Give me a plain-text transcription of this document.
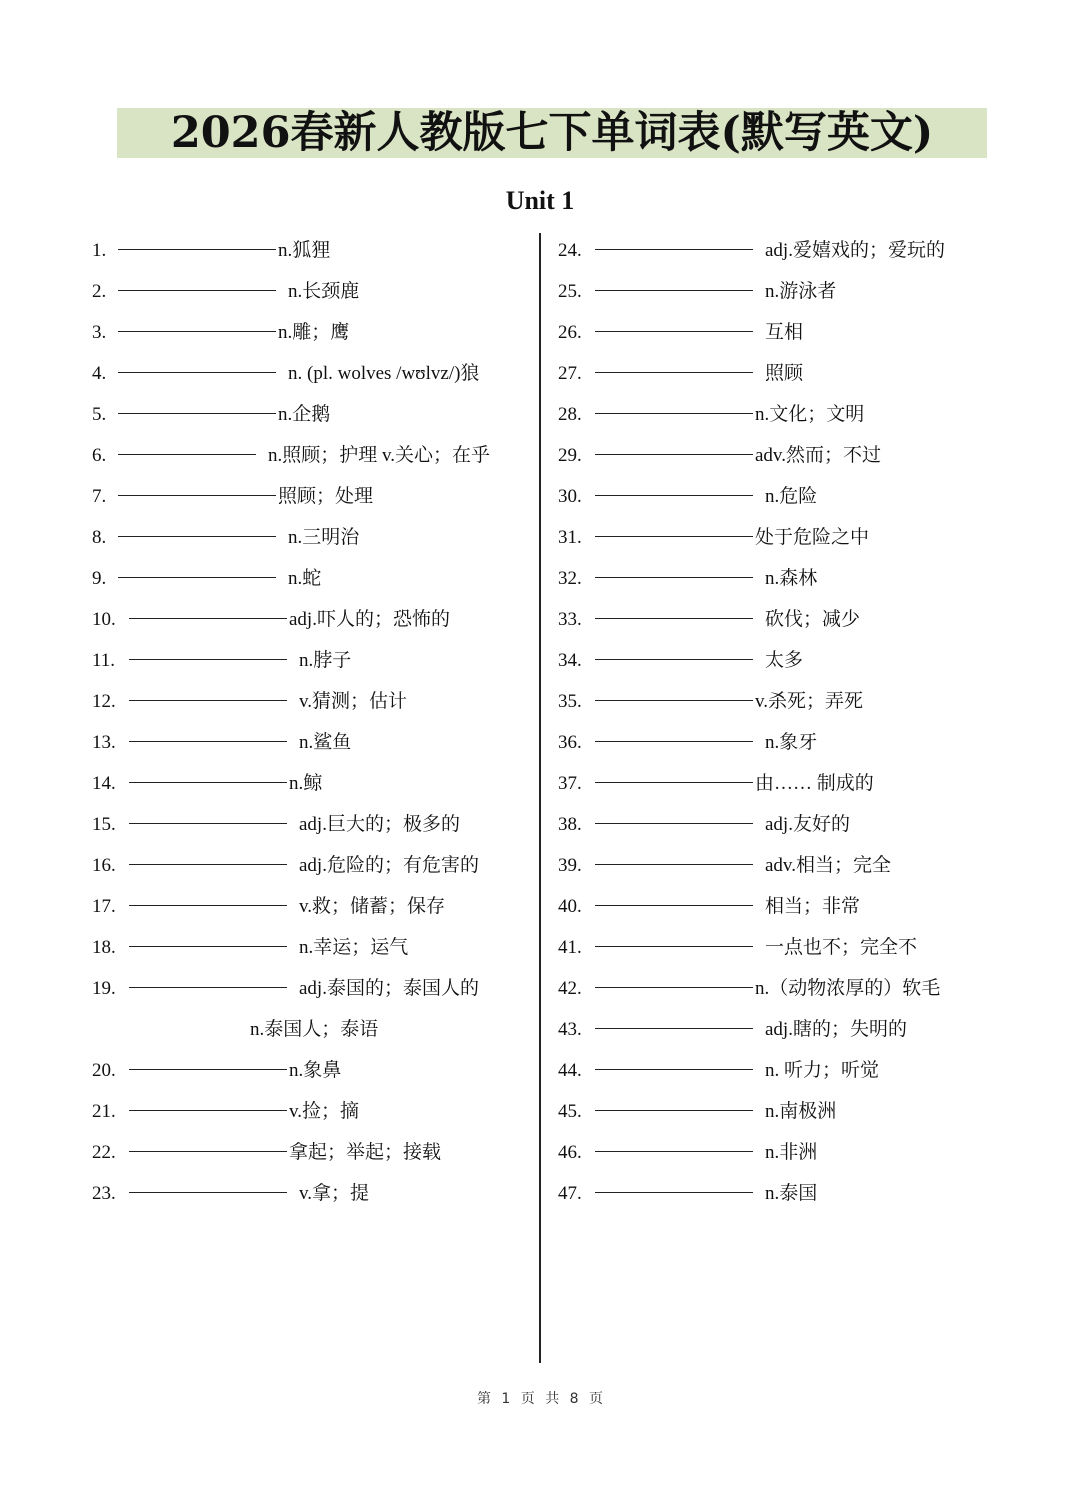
2026春新人教版七下单词表(默写英文)
Unit 1
1.	n.狐狸
2.	n.长颈鹿
3.	n.雕；鹰
4.	n. (pl. wolves /wʊlvz/)狼
5.	n.企鹅
6.	n.照顾；护理 v.关心；在乎
7.	照顾；处理
8.	n.三明治
9.	n.蛇
10.	adj.吓人的；恐怖的
11.	n.脖子
12.	v.猜测；估计
13.	n.鲨鱼
14.	n.鲸
15.	adj.巨大的；极多的
16.	adj.危险的；有危害的
17.	v.救；储蓄；保存
18.	n.幸运；运气
19.	adj.泰国的；泰国人的
n.泰国人；泰语
20.	n.象鼻
21.	v.捡；摘
22.	拿起；举起；接载
23.	v.拿；提
24.	adj.爱嬉戏的；爱玩的
25.	n.游泳者
26.	互相
27.	照顾
28.	n.文化；文明
29.	adv.然而；不过
30.	n.危险
31.	处于危险之中
32.	n.森林
33.	砍伐；减少
34.	太多
35.	v.杀死；弄死
36.	n.象牙
37.	由…… 制成的
38.	adj.友好的
39.	adv.相当；完全
40.	相当；非常
41.	一点也不；完全不
42.	n.（动物浓厚的）软毛
43.	adj.瞎的；失明的
44.	n. 听力；听觉
45.	n.南极洲
46.	n.非洲
47.	n.泰国
第 1 页 共 8 页
